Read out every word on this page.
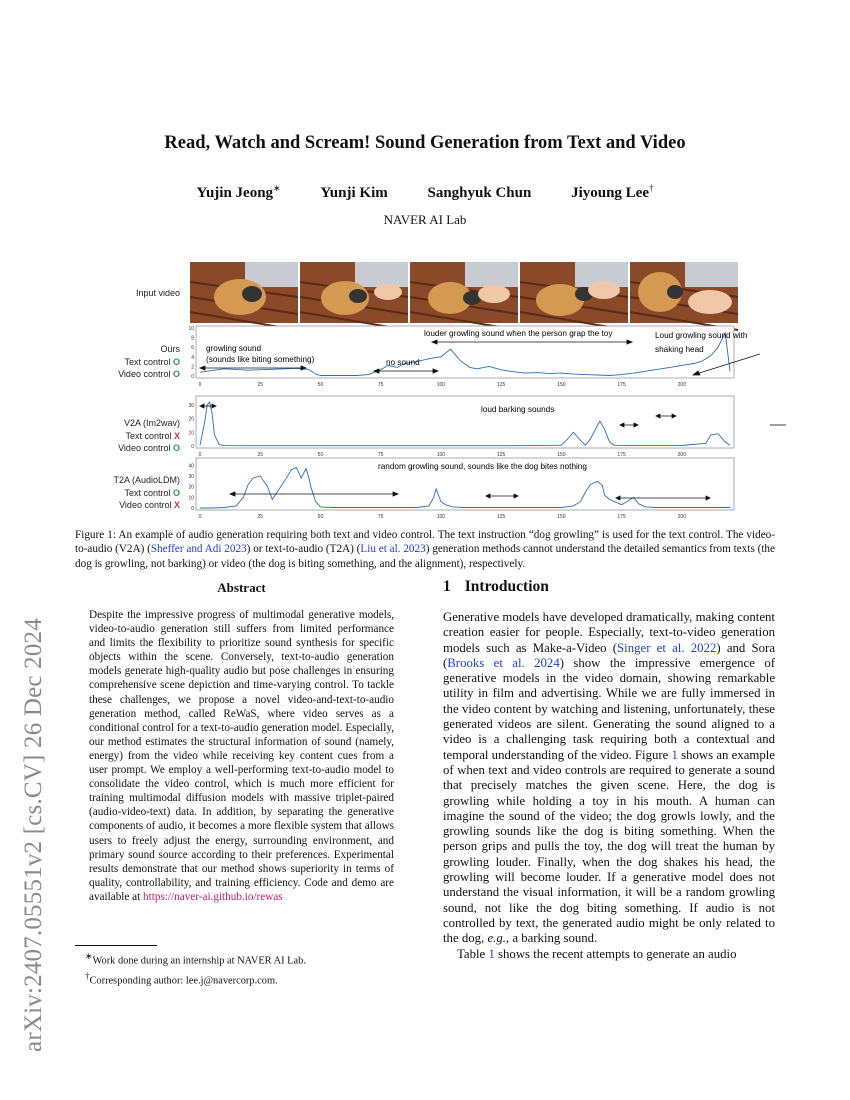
arXiv:2407.05551v2 [cs.CV] 26 Dec 2024
Read, Watch and Scream! Sound Generation from Text and Video
Yujin Jeong∗	Yunji Kim	Sanghyuk Chun	Jiyoung Lee†
NAVER AI Lab
Input video
Ours
Text control O
Video control O
V2A (Im2wav)
Text control X
Video control O
T2A (AudioLDM)
Text control O
Video control X
0
2
4
6
8
10
0	25	50	75	100	125	150	175	200
growling sound
(sounds like biting something)
louder growling sound when the person grap the toy
no sound
Loud growling sound with
shaking head
0
10
20
30
0	25	50	75	100	125	150	175	200
loud barking sounds
0
10
20
30
40
0	25	50	75	100	125	150	175	200
random growling sound, sounds like the dog bites nothing
Figure 1: An example of audio generation requiring both text and video control. The text instruction “dog growling” is used for the text control. The video-to-audio (V2A) (Sheffer and Adi 2023) or text-to-audio (T2A) (Liu et al. 2023) generation methods cannot understand the detailed semantics from texts (the dog is growling, not barking) or video (the dog is biting something, and the alignment), respectively.
Abstract
Despite the impressive progress of multimodal generative models, video-to-audio generation still suffers from limited performance and limits the flexibility to prioritize sound synthesis for specific objects within the scene. Conversely, text-to-audio generation models generate high-quality audio but pose challenges in ensuring comprehensive scene depiction and time-varying control. To tackle these challenges, we propose a novel video-and-text-to-audio generation method, called ReWaS, where video serves as a conditional control for a text-to-audio generation model. Especially, our method estimates the structural information of sound (namely, energy) from the video while receiving key content cues from a user prompt. We employ a well-performing text-to-audio model to consolidate the video control, which is much more efficient for training multimodal diffusion models with massive triplet-paired (audio-video-text) data. In addition, by separating the generative components of audio, it becomes a more flexible system that allows users to freely adjust the energy, surrounding environment, and primary sound source according to their preferences. Experimental results demonstrate that our method shows superiority in terms of quality, controllability, and training efficiency. Code and demo are available at https://naver-ai.github.io/rewas
1 Introduction

Generative models have developed dramatically, making content creation easier for people. Especially, text-to-video generation models such as Make-a-Video (Singer et al. 2022) and Sora (Brooks et al. 2024) show the impressive emergence of generative models in the video domain, showing remarkable utility in film and advertising. While we are fully immersed in the video content by watching and listening, unfortunately, these generated videos are silent. Generating the sound aligned to a video is a challenging task requiring both a contextual and temporal understanding of the video. Figure 1 shows an example of when text and video controls are required to generate a sound that precisely matches the given scene. Here, the dog is growling while holding a toy in his mouth. A human can imagine the sound of the video; the dog growls lowly, and the growling sounds like the dog is biting something. When the person grips and pulls the toy, the dog will treat the human by growling louder. Finally, when the dog shakes his head, the growling will become louder. If a generative model does not understand the visual information, it will be a random growling sound, not like the dog biting something. If audio is not controlled by text, the generated audio might be only related to the dog, e.g., a barking sound.

Table 1 shows the recent attempts to generate an audio

∗Work done during an internship at NAVER AI Lab.
†Corresponding author: lee.j@navercorp.com.
